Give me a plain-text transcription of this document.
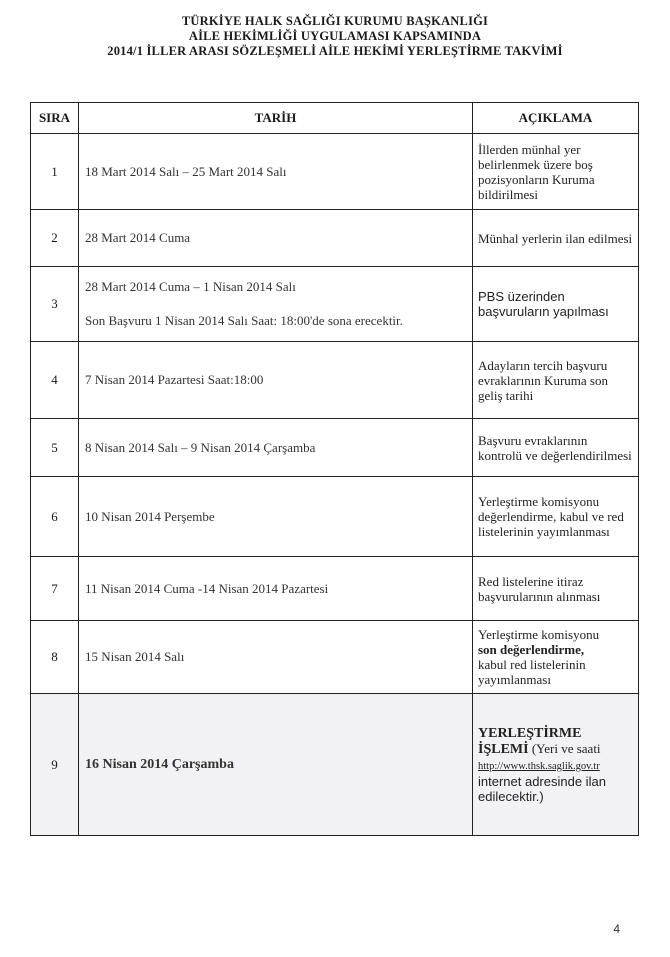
TÜRKİYE HALK SAĞLIĞI KURUMU BAŞKANLIĞI
AİLE HEKİMLİĞİ UYGULAMASI KAPSAMINDA
2014/1 İLLER ARASI SÖZLEŞMELİ AİLE HEKİMİ YERLEŞTİRME TAKVİMİ
SIRA	TARİH	AÇIKLAMA
1	18 Mart 2014 Salı – 25 Mart 2014 Salı	İllerden münhal yer belirlenmek üzere boş pozisyonların Kuruma bildirilmesi
2	28 Mart 2014 Cuma	Münhal yerlerin ilan edilmesi
3	28 Mart 2014 Cuma – 1 Nisan 2014 Salı
Son Başvuru 1 Nisan 2014 Salı Saat: 18:00'de sona erecektir.	PBS üzerinden başvuruların yapılması
4	7 Nisan 2014 Pazartesi Saat:18:00	Adayların tercih başvuru evraklarının Kuruma son geliş tarihi
5	8 Nisan 2014 Salı – 9 Nisan 2014 Çarşamba	Başvuru evraklarının kontrolü ve değerlendirilmesi
6	10 Nisan 2014 Perşembe	Yerleştirme komisyonu değerlendirme, kabul ve red listelerinin yayımlanması
7	11 Nisan 2014 Cuma -14 Nisan 2014 Pazartesi	Red listelerine itiraz başvurularının alınması
8	15 Nisan 2014 Salı	Yerleştirme komisyonu
son değerlendirme,
kabul red listelerinin yayımlanması
9	16 Nisan 2014 Çarşamba	YERLEŞTİRME İŞLEMİ (Yeri ve saati
http://www.thsk.saglik.gov.tr
internet adresinde ilan edilecektir.)
4
